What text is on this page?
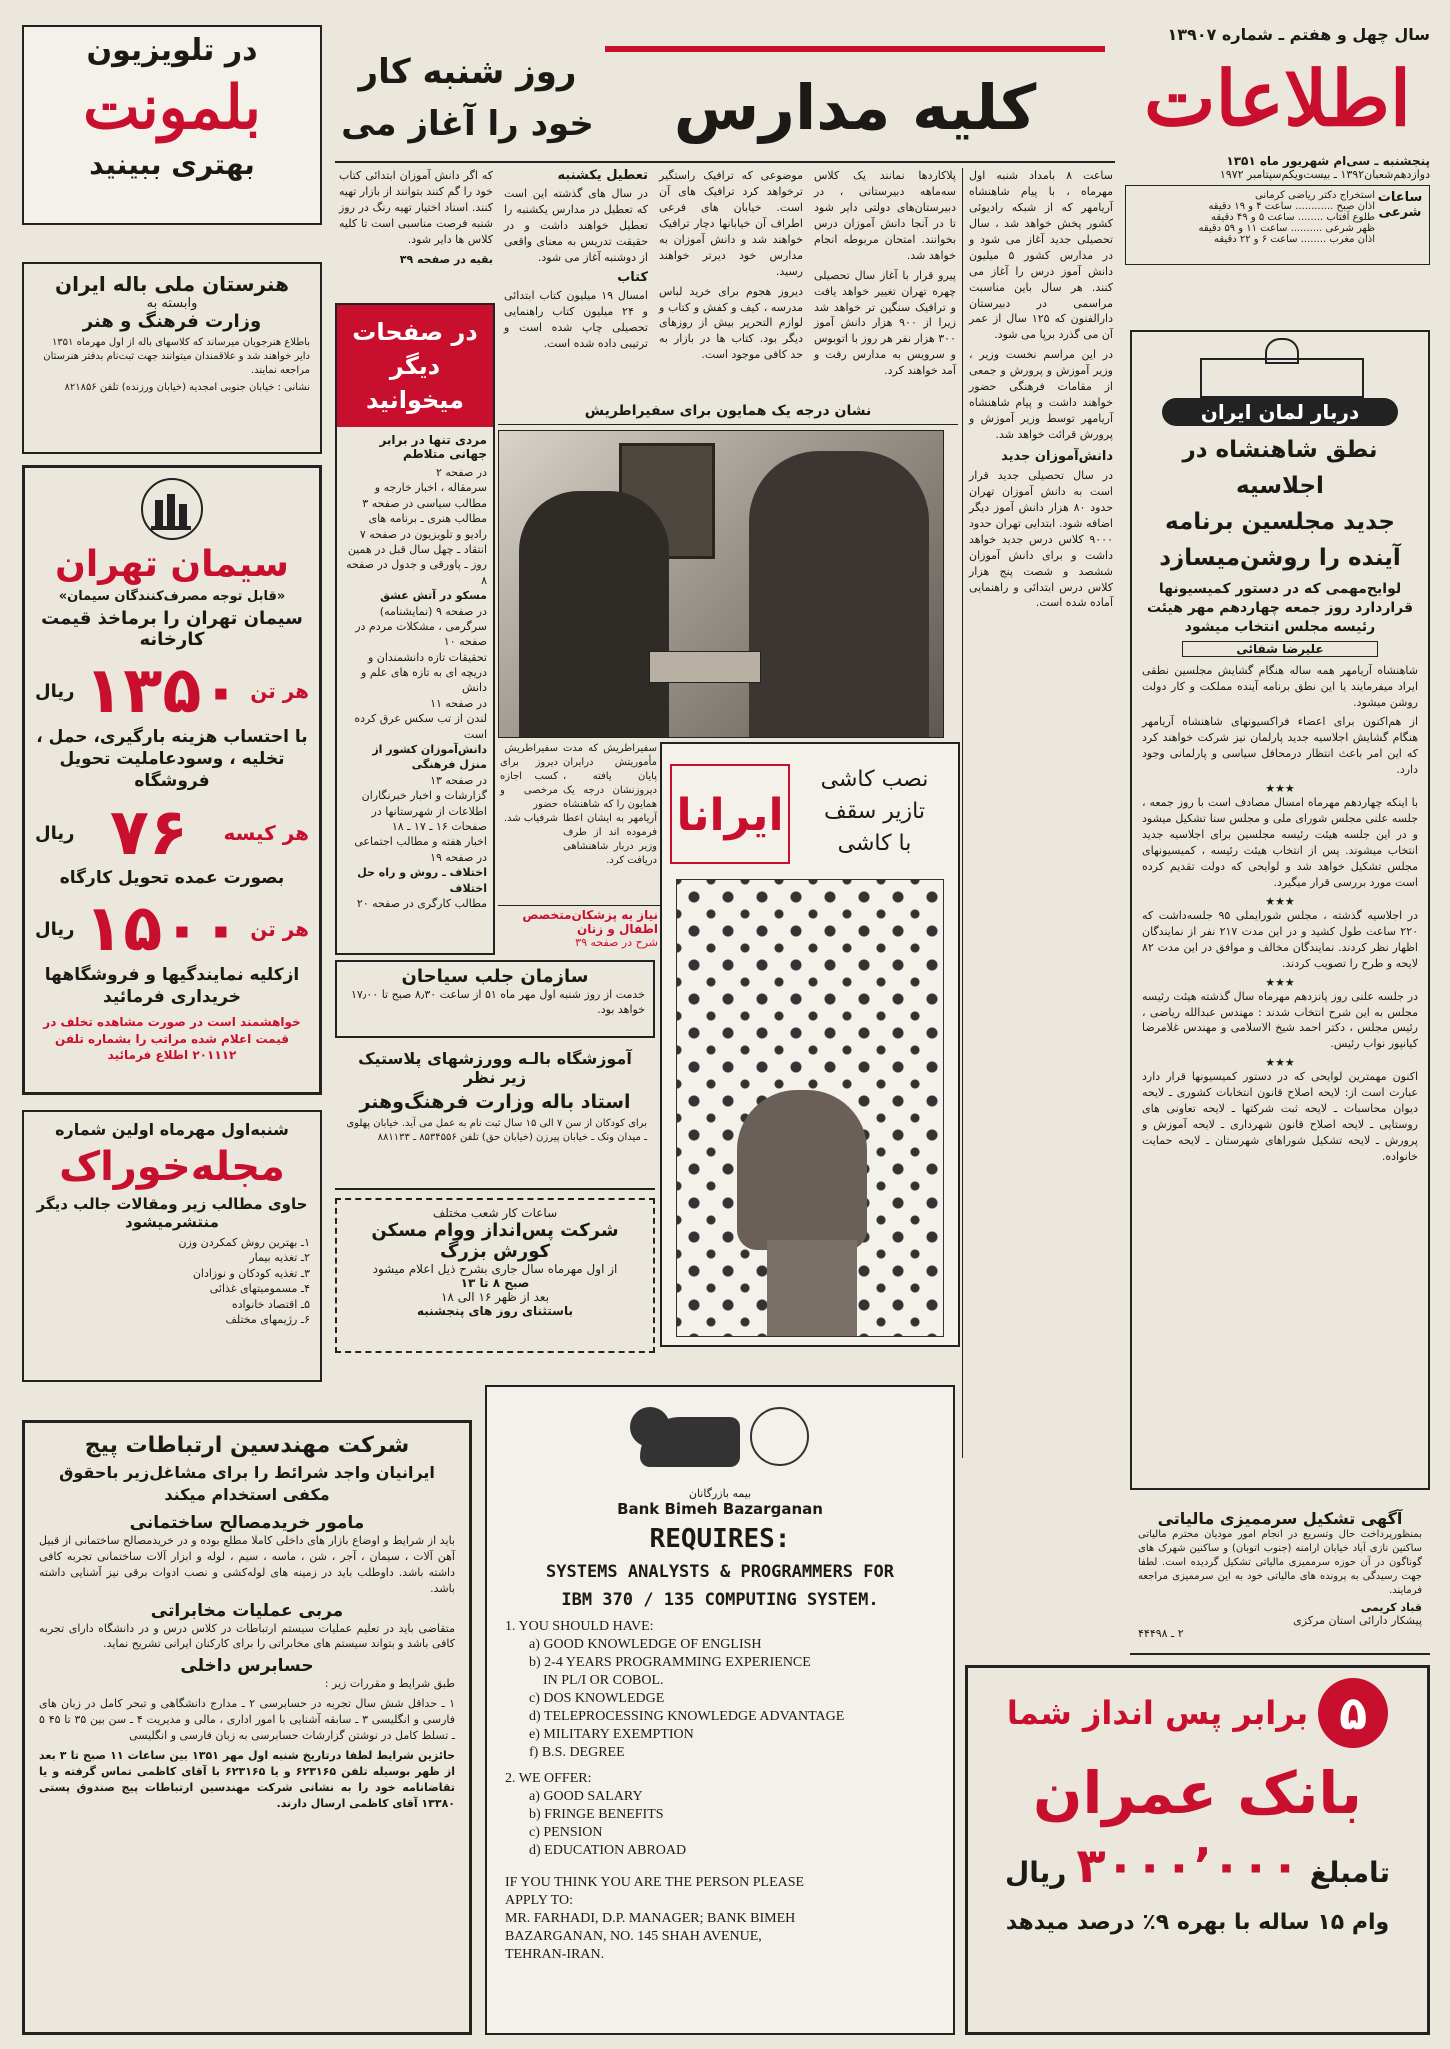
در تلویزیون
بلمونت
بهتری ببینید
هنرستان ملی باله ایران
وابسته به
وزارت فرهنگ و هنر

باطلاع هنرجویان میرساند که کلاسهای باله از اول مهرماه ۱۳۵۱ دایر خواهند شد و علاقمندان میتوانند جهت ثبت‌نام بدفتر هنرستان مراجعه نمایند.

نشانی : خیابان جنوبی امجدیه (خیابان ورزنده) تلفن ۸۲۱۸۵۶

سیمان تهران
«قابل توجه مصرف‌کنندگان سیمان»
سیمان تهران را برماخذ قیمت کارخانه
هر تن
۱۳۵۰
ریال
با احتساب هزینه بارگیری، حمل ، تخلیه ، وسودعاملیت تحویل فروشگاه
هر کیسه
۷۶
ریال
بصورت عمده تحویل کارگاه
هر تن
۱۵۰۰
ریال
ازکلیه نمایندگیها و فروشگاهها خریداری فرمائید
خواهشمند است در صورت مشاهده تخلف در قیمت اعلام شده مراتب را بشماره تلفن ۲۰۱۱۱۲ اطلاع فرمائید
شنبه‌اول مهرماه اولین شماره
مجله‌خوراک
حاوی مطالب زیر ومقالات جالب دیگر منتشرمیشود
۱ـ بهترین روش کمکردن وزن
۲ـ تغذیه بیمار
۳ـ تغذیه کودکان و نوزادان
۴ـ مسمومیتهای غذائی
۵ـ اقتصاد خانواده
۶ـ رژیمهای مختلف
شرکت مهندسین ارتباطات پیج
ایرانیان واجد شرائط را برای مشاغل‌زیر باحقوق مکفی استخدام میکند
مامور خریدمصالح ساختمانی

باید از شرایط و اوضاع بازار های داخلی کاملا مطلع بوده و در خریدمصالح ساختمانی از قبیل آهن آلات ، سیمان ، آجر ، شن ، ماسه ، سیم ، لوله و ابزار آلات ساختمانی تجربه کافی داشته باشد. داوطلب باید در زمینه های لوله‌کشی و نصب ادوات برقی نیز آشنایی داشته باشد.

مربی عملیات مخابراتی

متقاضی باید در تعلیم عملیات سیستم ارتباطات در کلاس درس و در دانشگاه دارای تجربه کافی باشد و بتواند سیستم های مخابراتی را برای کارکنان ایرانی تشریح نماید.

حسابرس داخلی

طبق شرایط و مقررات زیر :

۱ ـ حداقل شش سال تجربه در حسابرسی ۲ ـ مدارج دانشگاهی و تبحر کامل در زبان های فارسی و انگلیسی ۳ ـ سابقه آشنایی با امور اداری ، مالی و مدیریت ۴ ـ سن بین ۳۵ تا ۴۵ ۵ ـ تسلط کامل در نوشتن گزارشات حسابرسی به زبان فارسی و انگلیسی

حائزین شرایط لطفا درتاریخ شنبه اول مهر ۱۳۵۱ بین ساعات ۱۱ صبح تا ۳ بعد از ظهر بوسیله تلفن ۶۲۳۱۶۵ و یا ۶۲۳۱۶۵ با آقای کاظمی تماس گرفته و یا تقاضانامه خود را به نشانی شرکت مهندسین ارتباطات پیج صندوق پستی ۱۳۳۸۰ آقای کاظمی ارسال دارند.

کلیه مدارس
روز شنبه کار خود را آغاز می

ساعت ۸ بامداد شنبه اول مهرماه ، با پیام شاهنشاه آریامهر که از شبکه رادیوئی کشور پخش خواهد شد ، سال تحصیلی جدید آغاز می شود و در مدارس کشور ۵ میلیون دانش آموز درس را آغاز می کنند. هر سال باین مناسبت مراسمی در دبیرستان دارالفنون که ۱۲۵ سال از عمر آن می گذرد برپا می شود.

در این مراسم نخست وزیر ، وزیر آموزش و پرورش و جمعی از مقامات فرهنگی حضور خواهند داشت و پیام شاهنشاه آریامهر توسط وزیر آموزش و پرورش قرائت خواهد شد.

دانش‌آموزان جدید

در سال تحصیلی جدید قرار است به دانش آموزان تهران حدود ۸۰ هزار دانش آموز دیگر اضافه شود. ابتدایی تهران حدود ۹۰۰۰ کلاس درس جدید خواهد داشت و برای دانش آموزان ششصد و شصت پنج هزار کلاس درس ابتدائی و راهنمایی آماده شده است.

پلاکاردها نمانند یک کلاس سه‌ماهه دبیرستانی ، در دبیرستان‌های دولتی دایر شود تا در آنجا دانش آموزان درس بخوانند. امتحان مربوطه انجام خواهد شد.

پیرو قرار با آغاز سال تحصیلی چهره تهران تغییر خواهد یافت و ترافیک سنگین تر خواهد شد زیرا از ۹۰۰ هزار دانش آموز ۳۰۰ هزار نفر هر روز با اتوبوس و سرویس به مدارس رفت و آمد خواهند کرد.

موضوعی که ترافیک راستگیر ترخواهد کرد ترافیک های آن است. خیابان های فرعی اطراف آن خیابانها دچار ترافیک خواهند شد و دانش آموزان به مدارس خود دیرتر خواهند رسید.

دیروز هجوم برای خرید لباس مدرسه ، کیف و کفش و کتاب و لوازم التحریر بیش از روزهای دیگر بود. کتاب ها در بازار به حد کافی موجود است.

تعطیل یکشنبه

در سال های گذشته این است که تعطیل در مدارس یکشنبه را تعطیل خواهند داشت و در حقیقت تدریس به معنای واقعی از دوشنبه آغاز می شود.

کتاب

امسال ۱۹ میلیون کتاب ابتدائی و ۲۴ میلیون کتاب راهنمایی تحصیلی چاپ شده است و ترتیبی داده شده است.

که اگر دانش آموزان ابتدائی کتاب خود را گم کنند بتوانند از بازار تهیه کنند. اسناد اختیار تهیه رنگ در روز شنبه فرصت مناسبی است تا کلیه کلاس ها دایر شود.

بقیه در صفحه ۳۹

در صفحات دیگر میخوانید
مردی تنها در برابر جهانی متلاطم
در صفحه ۲
سرمقاله ، اخبار خارجه و مطالب سیاسی در صفحه ۳
مطالب هنری ـ برنامه های رادیو و تلویزیون در صفحه ۷
انتقاد ـ چهل سال قبل در همین روز ـ پاورقی و جدول در صفحه ۸
مسکو در آتش عشق
در صفحه ۹ (نمایشنامه)
سرگرمی ، مشکلات مردم در صفحه ۱۰
تحقیقات تازه دانشمندان و دریچه ای به تازه های علم و دانش
در صفحه ۱۱
لندن از تب سکس عرق کرده است
دانش‌آموزان کشور از منزل فرهنگی
در صفحه ۱۳
گزارشات و اخبار خبرنگاران اطلاعات از شهرستانها در صفحات ۱۶ ـ ۱۷ ـ ۱۸
اخبار هفته و مطالب اجتماعی در صفحه ۱۹
اختلاف ـ روش و راه حل اختلاف
مطالب کارگری در صفحه ۲۰
نشان درجه یک همایون برای سفیراطریش

سفیراطریش که مدت مأموریتش درایران پایان یافته ، دیروزنشان درجه یک همایون را که شاهنشاه آریامهر به ایشان اعطا فرموده اند از طرف وزیر دربار شاهنشاهی دریافت کرد.

سفیراطریش دیروز برای کسب اجازه مرخصی و حضور شرفیاب شد.

نیاز به پزشکان‌متخصص اطفال و زنان
شرح در صفحه ۳۹
ایرانا
نصب کاشی
تازیر سقف
با کاشی
سازمان جلب سیاحان

خدمت از روز شنبه اول مهر ماه ۵۱ از ساعت ۸٫۳۰ صبح تا ۱۷٫۰۰ خواهد بود.

آموزشگاه بالـه وورزشهای پلاستیک زیر نظر
استاد باله وزارت فرهنگ‌وهنر

برای کودکان از سن ۷ الی ۱۵ سال ثبت نام به عمل می آید. خیابان پهلوی ـ میدان ونک ـ خیابان پیرزن (خیابان حق) تلفن ۸۵۳۴۵۵۶ ـ ۸۸۱۱۳۳

ساعات کار شعب مختلف
شرکت پس‌انداز ووام مسکن
کورش بزرگ
از اول مهرماه سال جاری بشرح ذیل اعلام میشود
صبح ۸ تا ۱۳
بعد از ظهر ۱۶ الی ۱۸
باستثنای روز های پنجشنبه
بیمه بازرگانان
Bank Bimeh Bazarganan
REQUIRES:
SYSTEMS ANALYSTS & PROGRAMMERS FOR
IBM 370 / 135 COMPUTING SYSTEM.
1. YOU SHOULD HAVE:
a) GOOD KNOWLEDGE OF ENGLISH
b) 2-4 YEARS PROGRAMMING EXPERIENCE
IN PL/I OR COBOL.
c) DOS KNOWLEDGE
d) TELEPROCESSING KNOWLEDGE ADVANTAGE
e) MILITARY EXEMPTION
f) B.S. DEGREE
2. WE OFFER:
a) GOOD SALARY
b) FRINGE BENEFITS
c) PENSION
d) EDUCATION ABROAD
IF YOU THINK YOU ARE THE PERSON PLEASE
APPLY TO:
MR. FARHADI, D.P. MANAGER; BANK BIMEH
BAZARGANAN, NO. 145 SHAH AVENUE,
TEHRAN-IRAN.
سال چهل و هفتم ـ شماره ۱۳۹۰۷
اطلاعات
پنجشنبه ـ سی‌ام شهریور ماه ۱۳۵۱
دوازدهم‌شعبان۱۳۹۲ ـ بیست‌ویکم‌سپتامبر ۱۹۷۲
ساعات شرعی
استخراج دکتر ریاضی کرمانی
اذان صبح ............ ساعت ۴ و ۱۹ دقیقه
طلوع آفتاب ........ ساعت ۵ و ۴۹ دقیقه
ظهر شرعی .......... ساعت ۱۱ و ۵۹ دقیقه
اذان مغرب ........ ساعت ۶ و ۲۲ دقیقه
دربار لمان ایران
نطق شاهنشاه در اجلاسیه
جدید مجلسین برنامه
آینده را روشن‌میسازد
لوایح‌مهمی که در دستور کمیسیونها قراردارد روز جمعه چهاردهم مهر هیئت رئیسه مجلس انتخاب میشود
علیرضا شفائی

شاهنشاه آریامهر همه ساله هنگام گشایش مجلسین نطقی ایراد میفرمایند یا این نطق برنامه آینده مملکت و کار دولت روشن میشود.

از هم‌اکنون برای اعضاء فراکسیونهای شاهنشاه آریامهر هنگام گشایش اجلاسیه جدید پارلمان نیز شرکت خواهند کرد که این امر باعث انتظار درمحافل سیاسی و پارلمانی وجود دارد.

★★★

با اینکه چهاردهم مهرماه امسال مصادف است با روز جمعه ، جلسه علنی مجلس شورای ملی و مجلس سنا تشکیل میشود و در این جلسه هیئت رئیسه مجلسین برای اجلاسیه جدید انتخاب میشوند. پس از انتخاب هیئت رئیسه ، کمیسیونهای مجلس تشکیل خواهد شد و لوایحی که دولت تقدیم کرده است مورد بررسی قرار میگیرد.

★★★

در اجلاسیه گذشته ، مجلس شورایملی ۹۵ جلسه‌داشت که ۲۲۰ ساعت طول کشید و در این مدت ۲۱۷ نفر از نمایندگان اظهار نظر کردند. نمایندگان مخالف و موافق در این مدت ۸۲ لایحه و طرح را تصویب کردند.

★★★

در جلسه علنی روز پانزدهم مهرماه سال گذشته هیئت رئیسه مجلس به این شرح انتخاب شدند : مهندس عبدالله ریاضی ، رئیس مجلس ، دکتر احمد شیخ الاسلامی و مهندس غلامرضا کیانپور نواب رئیس.

★★★

اکنون مهمترین لوایحی که در دستور کمیسیونها قرار دارد عبارت است از: لایحه اصلاح قانون انتخابات کشوری ـ لایحه دیوان محاسبات ـ لایحه ثبت شرکتها ـ لایحه تعاونی های روستایی ـ لایحه اصلاح قانون شهرداری ـ لایحه آموزش و پرورش ـ لایحه تشکیل شوراهای شهرستان ـ لایحه حمایت خانواده.

آگهی تشکیل سرممیزی مالیاتی

بمنظورپرداخت حال وتسریع در انجام امور مودیان محترم مالیاتی ساکنین نازی آباد خیابان ارامنه (جنوب اتوبان) و ساکنین شهرک های گوناگون در آن حوزه سرممیزی مالیاتی تشکیل گردیده است. لطفا جهت رسیدگی به پرونده های مالیاتی خود به این سرممیزی مراجعه فرمایند.

قباد کریمی
پیشکار دارائی استان مرکزی
۲ ـ ۴۴۴۹۸
۵
برابر پس انداز شما
بانک عمران
تامبلغ
۳۰۰۰٬۰۰۰
ریال
وام ۱۵ ساله با بهره ۹٪ درصد میدهد
